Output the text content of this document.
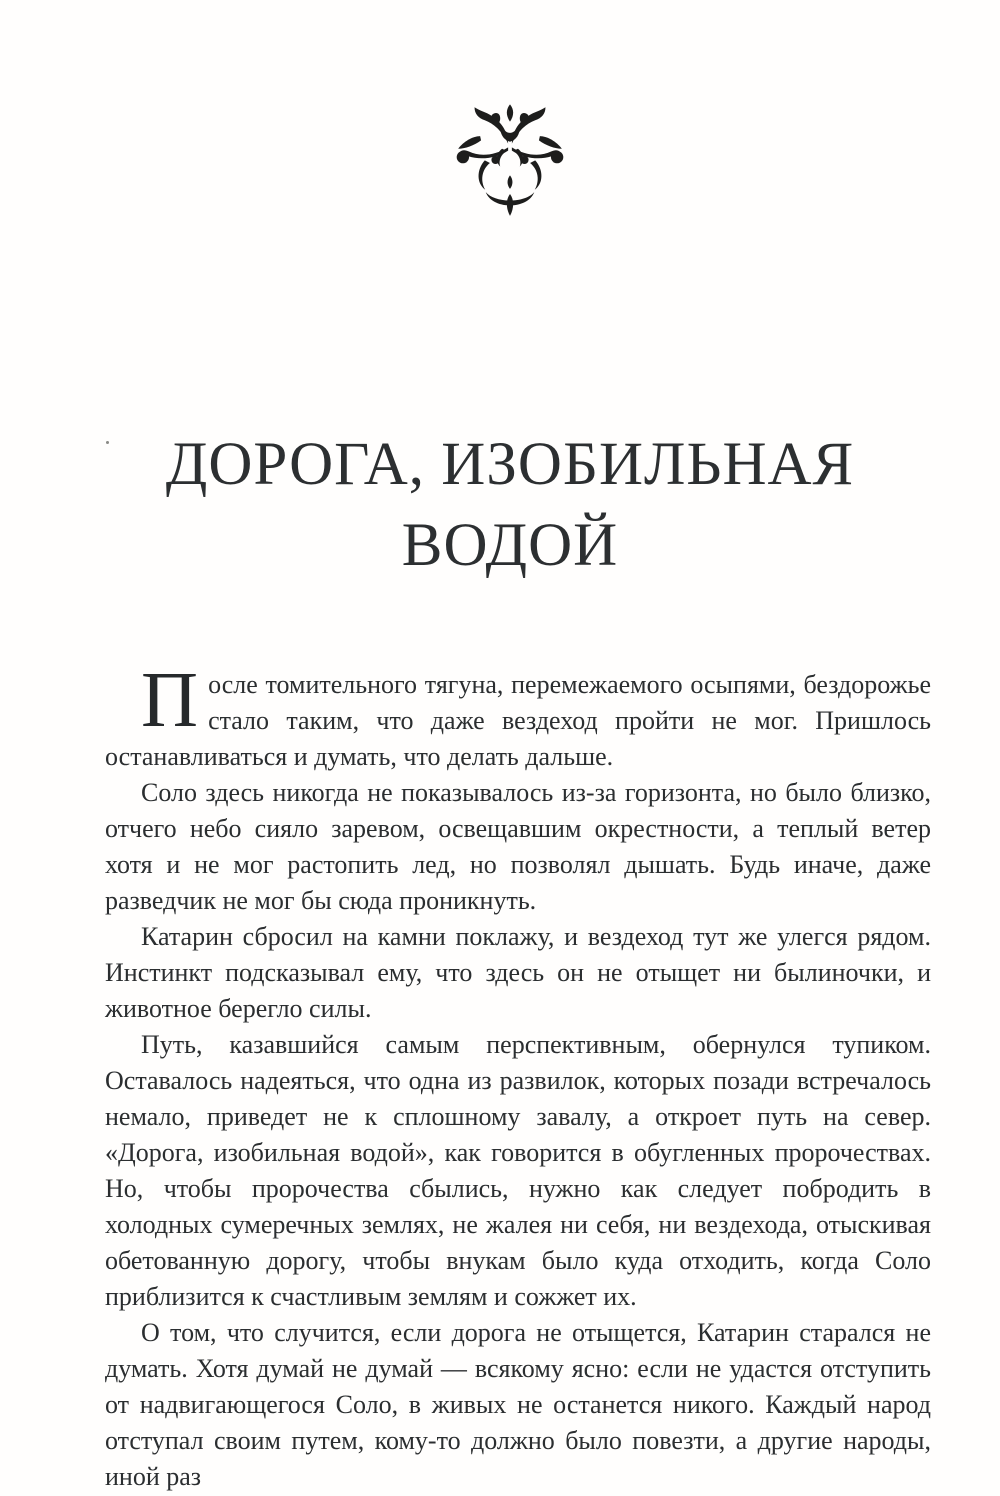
ДОРОГА, ИЗОБИЛЬНАЯ
ВОДОЙ

После томительного тягуна, перемежаемого осыпями, бездорожье стало таким, что даже вездеход пройти не мог. Пришлось останавливаться и думать, что делать дальше.

Соло здесь никогда не показывалось из-за горизонта, но было близко, отчего небо сияло заревом, освещавшим окрестности, а теплый ветер хотя и не мог растопить лед, но позволял дышать. Будь иначе, даже разведчик не мог бы сюда проникнуть.

Катарин сбросил на камни поклажу, и вездеход тут же улегся рядом. Инстинкт подсказывал ему, что здесь он не отыщет ни былиночки, и животное берегло силы.

Путь, казавшийся самым перспективным, обернулся тупиком. Оставалось надеяться, что одна из развилок, которых позади встречалось немало, приведет не к сплошному завалу, а откроет путь на север. «Дорога, изобильная водой», как говорится в обугленных пророчествах. Но, чтобы пророчества сбылись, нужно как следует побродить в холодных сумеречных землях, не жалея ни себя, ни вездехода, отыскивая обетованную дорогу, чтобы внукам было куда отходить, когда Соло приблизится к счастливым землям и сожжет их.

О том, что случится, если дорога не отыщется, Катарин старался не думать. Хотя думай не думай — всякому ясно: если не удастся отступить от надвигающегося Соло, в живых не останется никого. Каждый народ отступал своим путем, кому-то должно было повезти, а другие народы, иной раз
